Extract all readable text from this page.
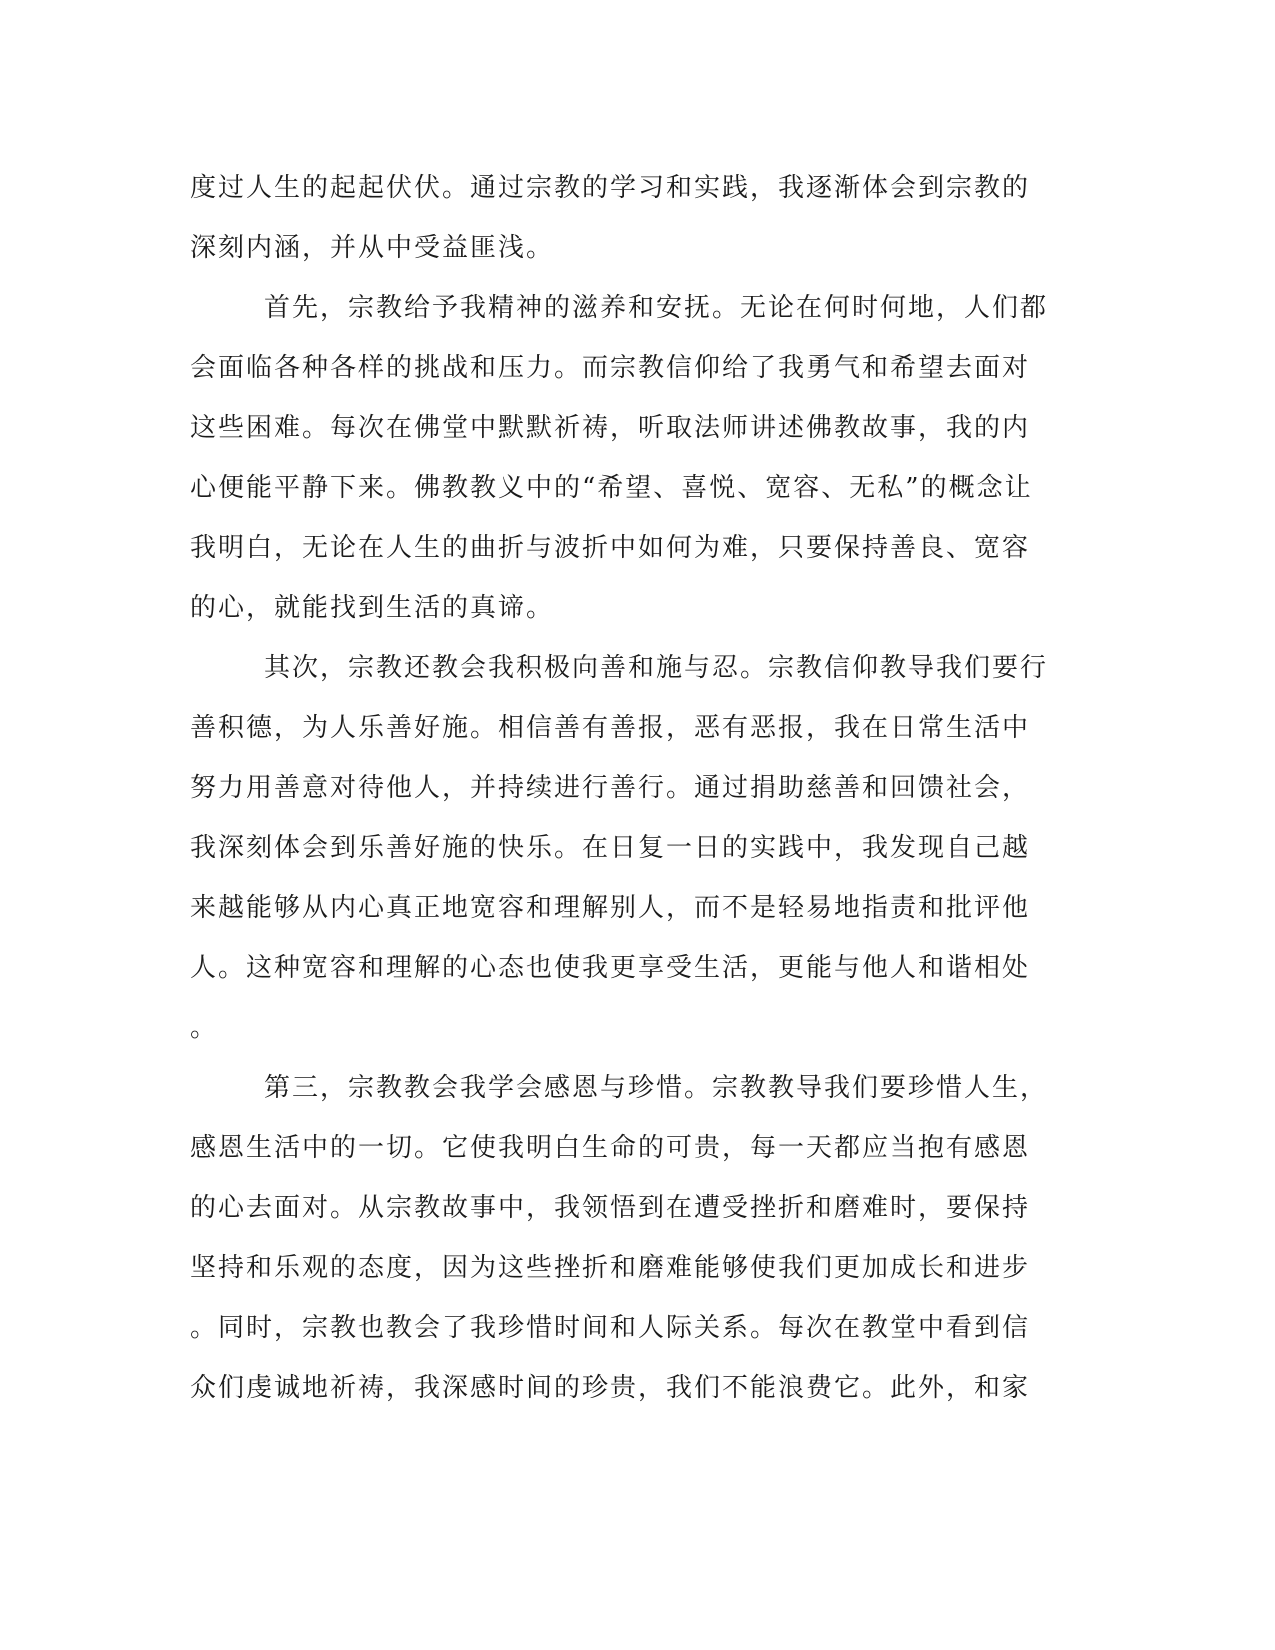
度过人生的起起伏伏。通过宗教的学习和实践，我逐渐体会到宗教的
深刻内涵，并从中受益匪浅。
首先，宗教给予我精神的滋养和安抚。无论在何时何地，人们都
会面临各种各样的挑战和压力。而宗教信仰给了我勇气和希望去面对
这些困难。每次在佛堂中默默祈祷，听取法师讲述佛教故事，我的内
心便能平静下来。佛教教义中的“希望、喜悦、宽容、无私”的概念让
我明白，无论在人生的曲折与波折中如何为难，只要保持善良、宽容
的心，就能找到生活的真谛。
其次，宗教还教会我积极向善和施与忍。宗教信仰教导我们要行
善积德，为人乐善好施。相信善有善报，恶有恶报，我在日常生活中
努力用善意对待他人，并持续进行善行。通过捐助慈善和回馈社会，
我深刻体会到乐善好施的快乐。在日复一日的实践中，我发现自己越
来越能够从内心真正地宽容和理解别人，而不是轻易地指责和批评他
人。这种宽容和理解的心态也使我更享受生活，更能与他人和谐相处
。
第三，宗教教会我学会感恩与珍惜。宗教教导我们要珍惜人生，
感恩生活中的一切。它使我明白生命的可贵，每一天都应当抱有感恩
的心去面对。从宗教故事中，我领悟到在遭受挫折和磨难时，要保持
坚持和乐观的态度，因为这些挫折和磨难能够使我们更加成长和进步
。同时，宗教也教会了我珍惜时间和人际关系。每次在教堂中看到信
众们虔诚地祈祷，我深感时间的珍贵，我们不能浪费它。此外，和家
